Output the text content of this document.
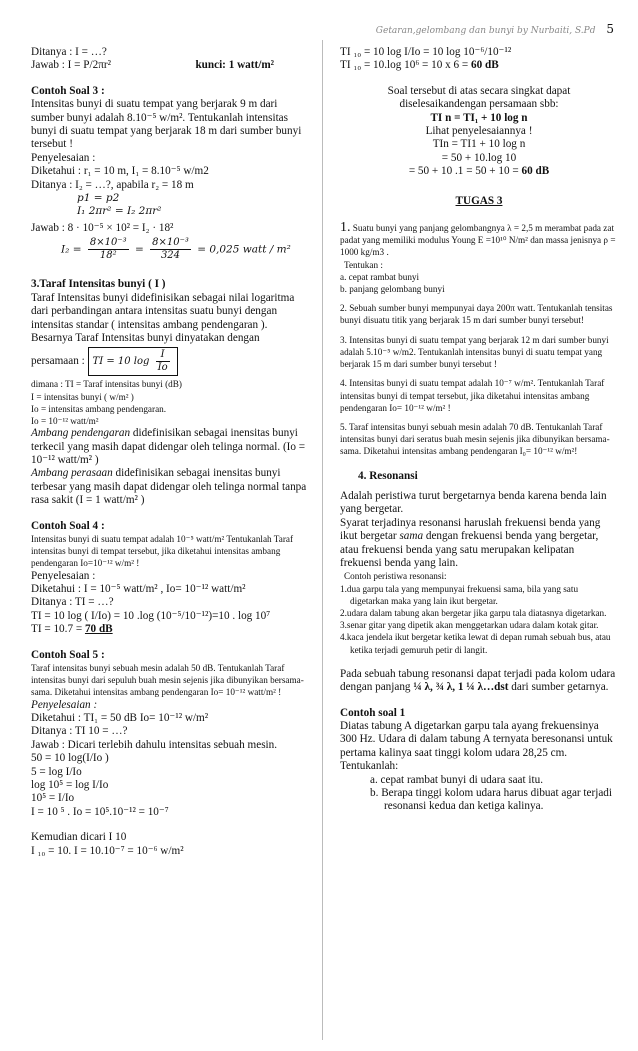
Getaran,gelombang dan bunyi by Nurbaiti, S.Pd 5

Ditanya : I = …?

Jawab : I = P/2πr²	kunci: 1 watt/m²

Contoh Soal 3 :

Intensitas bunyi di suatu tempat yang berjarak 9 m dari sumber bunyi adalah 8.10⁻⁵ w/m². Tentukanlah intensitas bunyi di suatu tempat yang berjarak 18 m dari sumber bunyi tersebut !

Penyelesaian :

Diketahui : r₁ = 10 m, I₁ = 8.10⁻⁵ w/m2

Ditanya : I₂ = …?, apabila r₂ = 18 m

p1 = p2

I₁ 2πr² = I₂ 2πr²

Jawab : 8 · 10⁻⁵ × 10² = I₂ · 18²

$I_2 = \frac{\text{8×10⁻³}}{\text{18²}} = \frac{\text{8×10⁻³}}{324} = 0,025$ watt / m²

3.Taraf Intensitas bunyi ( I )

Taraf Intensitas bunyi didefinisikan sebagai nilai logaritma dari perbandingan antara intensitas suatu bunyi dengan intensitas standar ( intensitas ambang pendengaran ).

Besarnya Taraf Intensitas bunyi dinyatakan dengan

persamaan : TI = 10 $\log \frac{I}{Io}$

dimana : TI = Taraf intensitas bunyi (dB)

I = intensitas bunyi ( w/m² )

Io = intensitas ambang pendengaran.

Io = 10⁻¹² watt/m²

Ambang pendengaran didefinisikan sebagai inensitas bunyi terkecil yang masih dapat didengar oleh telinga normal. (Io = 10⁻¹² watt/m² )

Ambang perasaan didefinisikan sebagai inensitas bunyi terbesar yang masih dapat didengar oleh telinga normal tanpa rasa sakit (I = 1 watt/m² )

Contoh Soal 4 :

Intensitas bunyi di suatu tempat adalah 10⁻⁵ watt/m² Tentukanlah Taraf intensitas bunyi di tempat tersebut, jika diketahui intensitas ambang pendengaran Io=10⁻¹² w/m² !

Penyelesaian :

Diketahui : I = 10⁻⁵ watt/m² , Io= 10⁻¹² watt/m²

Ditanya : TI = …?

TI = 10 log ( I/Io) = 10 .log (10⁻⁵/10⁻¹²)=10 . log 10⁷

TI = 10.7 = 70 dB

Contoh Soal 5 :

Taraf intensitas bunyi sebuah mesin adalah 50 dB. Tentukanlah Taraf intensitas bunyi dari sepuluh buah mesin sejenis jika dibunyikan bersama-sama. Diketahui intensitas ambang pendengaran Io= 10⁻¹² watt/m² !

Penyelesaian :

Diketahui : TI₁ = 50 dB Io= 10⁻¹² w/m²

Ditanya : TI 10 = …?

Jawab : Dicari terlebih dahulu intensitas sebuah mesin.

50 = 10 log(I/Io )

5 = log I/Io

log 10⁵ = log I/Io

10⁵ = I/Io

I = 10 ⁵ . Io = 10⁵.10⁻¹² = 10⁻⁷

Kemudian dicari I 10

I ₁₀ = 10. I = 10.10⁻⁷ = 10⁻⁶ w/m²

TI ₁₀ = 10 log I/Io = 10 log 10⁻⁶/10⁻¹²

TI ₁₀ = 10.log 10⁶ = 10 x 6 = 60 dB

Soal tersebut di atas secara singkat dapat diselesaikandengan persamaan sbb:

TI n = TI₁ + 10 log n

Lihat penyelesaiannya !

TIn = TI1 + 10 log n

= 50 + 10.log 10

= 50 + 10 .1 = 50 + 10 = 60 dB

TUGAS 3

1. Suatu bunyi yang panjang gelombangnya λ = 2,5 m merambat pada zat padat yang memiliki modulus Young E =10¹⁰ N/m² dan massa jenisnya ρ = 1000 kg/m3 .

Tentukan :

a. cepat rambat bunyi

b. panjang gelombang bunyi

2. Sebuah sumber bunyi mempunyai daya 200π watt. Tentukanlah tensitas bunyi disuatu titik yang berjarak 15 m dari sumber bunyi tersebut!

3. Intensitas bunyi di suatu tempat yang berjarak 12 m dari sumber bunyi adalah 5.10⁻⁵ w/m2. Tentukanlah intensitas bunyi di suatu tempat yang berjarak 15 m dari sumber bunyi tersebut !

4. Intensitas bunyi di suatu tempat adalah 10⁻⁷ w/m². Tentukanlah Taraf intensitas bunyi di tempat tersebut, jika diketahui intensitas ambang pendengaran Io= 10⁻¹² w/m² !

5. Taraf intensitas bunyi sebuah mesin adalah 70 dB. Tentukanlah Taraf intensitas bunyi dari seratus buah mesin sejenis jika dibunyikan bersama-sama. Diketahui intensitas ambang pendengaran I₀= 10⁻¹² w/m²!

4. Resonansi

Adalah peristiwa turut bergetarnya benda karena benda lain yang bergetar.

Syarat terjadinya resonansi haruslah frekuensi benda yang ikut bergetar sama dengan frekuensi benda yang bergetar, atau frekuensi benda yang satu merupakan kelipatan frekuensi benda yang lain.

Contoh peristiwa resonansi:

1.dua garpu tala yang mempunyai frekuensi sama, bila yang satu digetarkan maka yang lain ikut bergetar.

2.udara dalam tabung akan bergetar jika garpu tala diatasnya digetarkan.

3.senar gitar yang dipetik akan menggetarkan udara dalam kotak gitar.

4.kaca jendela ikut bergetar ketika lewat di depan rumah sebuah bus, atau ketika terjadi gemuruh petir di langit.

Pada sebuah tabung resonansi dapat terjadi pada kolom udara dengan panjang ¼ λ, ¾ λ, 1 ¼ λ…dst dari sumber getarnya.

Contoh soal 1

Diatas tabung A digetarkan garpu tala ayang frekuensinya 300 Hz. Udara di dalam tabung A ternyata beresonansi untuk pertama kalinya saat tinggi kolom udara 28,25 cm. Tentukanlah:

a. cepat rambat bunyi di udara saat itu.

b. Berapa tinggi kolom udara harus dibuat agar terjadi resonansi kedua dan ketiga kalinya.
